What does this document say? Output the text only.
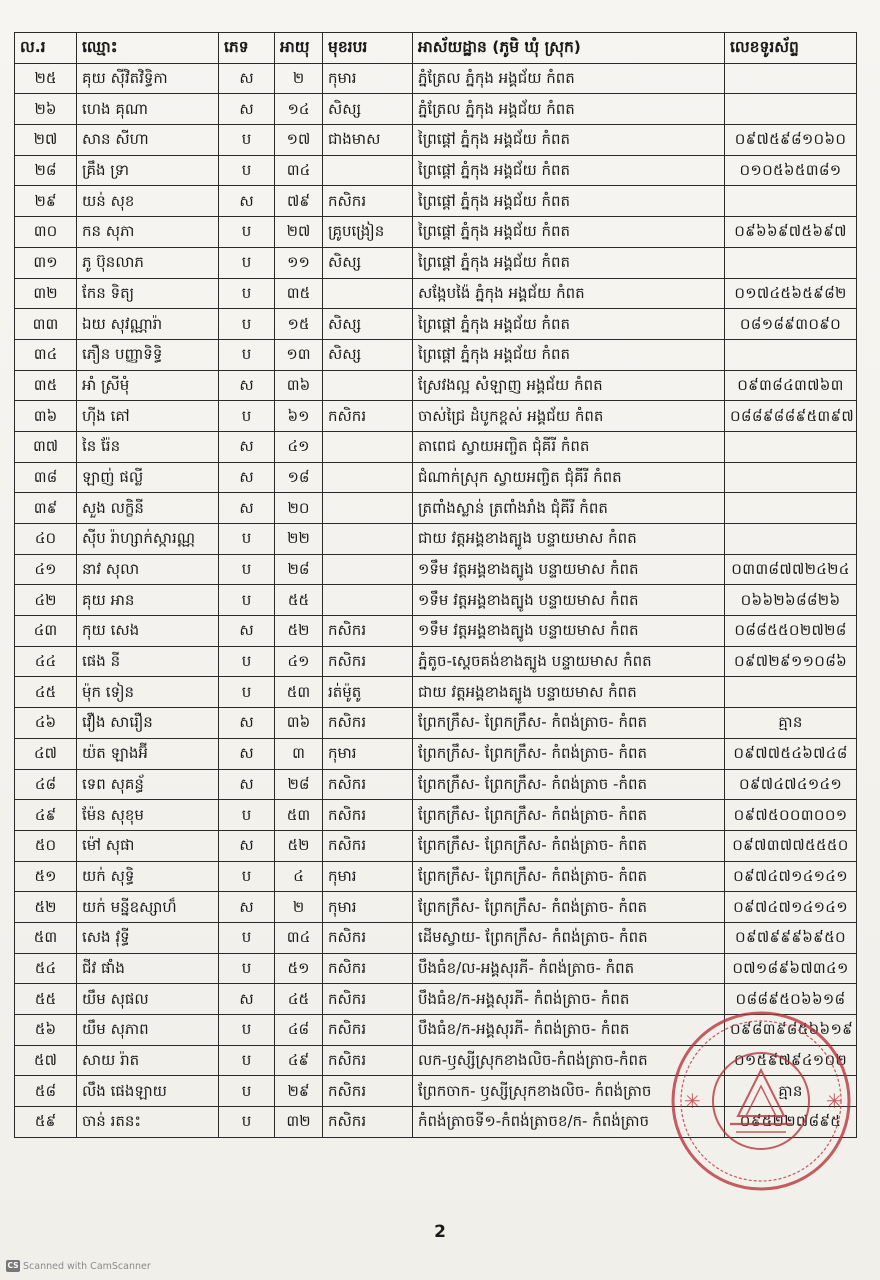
ល.រ	ឈ្មោះ	ភេទ	អាយុ	មុខរបរ	អាស័យដ្ឋាន (ភូមិ ឃុំ ស្រុក)	លេខទូរស័ព្ទ
២៥	គុយ ស៊ីវិតវិទ្ធិកា	ស	២	កុមារ	ភ្នំត្រែល ភ្នំកុង អង្គជ័យ កំពត	
២៦	ហេង គុណា	ស	១៤	សិស្ស	ភ្នំត្រែល ភ្នំកុង អង្គជ័យ កំពត	
២៧	សាន សីហា	ប	១៧	ជាងមាស	ព្រៃផ្តៅ ភ្នំកុង អង្គជ័យ កំពត	០៩៧៥៩៨១០៦០
២៨	គ្រឹង ទ្រា	ប	៣៤		ព្រៃផ្តៅ ភ្នំកុង អង្គជ័យ កំពត	០១០៥៦៥៣៨១
២៩	យន់ សុខ	ស	៧៩	កសិករ	ព្រៃផ្តៅ ភ្នំកុង អង្គជ័យ កំពត	
៣០	កន សុភា	ប	២៧	គ្រូបង្រៀន	ព្រៃផ្តៅ ភ្នំកុង អង្គជ័យ កំពត	០៩៦៦៩៧៥៦៩៧
៣១	ភូ ប៊ុនលាភ	ប	១១	សិស្ស	ព្រៃផ្តៅ ភ្នំកុង អង្គជ័យ កំពត	
៣២	កែន ទិត្យ	ប	៣៥		សង្កែបង៉ៃ ភ្នំកុង អង្គជ័យ កំពត	០១៧៤៥៦៥៩៨២
៣៣	ឯយ សុវណ្ណារ៉ា	ប	១៥	សិស្ស	ព្រៃផ្តៅ ភ្នំកុង អង្គជ័យ កំពត	០៨១៨៩៣០៩០
៣៤	ភឿន បញ្ញាទិទ្ធិ	ប	១៣	សិស្ស	ព្រៃផ្តៅ ភ្នំកុង អង្គជ័យ កំពត	
៣៥	អាំ ស្រីមុំ	ស	៣៦		ស្រែវងល្អ សំឡាញ អង្គជ័យ កំពត	០៩៣៨៤៣៧៦៣
៣៦	ហ៊ីង គៅ	ប	៦១	កសិករ	ចាស់ជ្រៃ ដំបូកខ្ពស់ អង្គជ័យ កំពត	០៨៨៩៨៨៩៥៣៩៧
៣៧	នៃ រ៉ែន	ស	៤១		តាពេជ ស្វាយអញ្ចិត ជុំគីរី កំពត	
៣៨	ឡាញ់ ផល្លី	ស	១៨		ជំណាក់ស្រុក ស្វាយអញ្ចិត ជុំគីរី កំពត	
៣៩	សួង លក្ខិនី	ស	២០		ត្រពាំងស្លាន់ ត្រពាំងរាំង ជុំគីរី កំពត	
៤០	ស៊ីប រ៉ាហ្សាក់ស្ការណ្ណ	ប	២២		ជាយ វត្តអង្គខាងត្បូង បន្ទាយមាស កំពត	
៤១	នាវ សុលា	ប	២៨		១ទឹម វត្តអង្គខាងត្បូង បន្ទាយមាស កំពត	០៣៣៨៧៧២៤២៤
៤២	គុយ អាន	ប	៥៥		១ទឹម វត្តអង្គខាងត្បូង បន្ទាយមាស កំពត	០៦៦២៦៨៨២៦
៤៣	កុយ សេង	ស	៥២	កសិករ	១ទឹម វត្តអង្គខាងត្បូង បន្ទាយមាស កំពត	០៨៨៥៥០២៧២៨
៤៤	ផេង នី	ប	៤១	កសិករ	ភ្នំតូច-ស្តេចគង់ខាងត្បូង បន្ទាយមាស កំពត	០៩៧២៩១១០៨៦
៤៥	ម៉ុក ទៀន	ប	៥៣	រត់ម៉ូតូ	ជាយ វត្តអង្គខាងត្បូង បន្ទាយមាស កំពត	
៤៦	វឿង សារឿន	ស	៣៦	កសិករ	ព្រែកក្រឹស- ព្រែកក្រឹស- កំពង់ត្រាច- កំពត	គ្មាន
៤៧	យ៉ត ឡាងអ៊ី	ស	៣	កុមារ	ព្រែកក្រឹស- ព្រែកក្រឹស- កំពង់ត្រាច- កំពត	០៩៧៧៥៤៦៧៤៨
៤៨	ទេព សុគន្ធ័	ស	២៨	កសិករ	ព្រែកក្រឹស- ព្រែកក្រឹស- កំពង់ត្រាច -កំពត	០៩៧៤៧៤១៤១
៤៩	ម៉ែន សុខុម	ប	៥៣	កសិករ	ព្រែកក្រឹស- ព្រែកក្រឹស- កំពង់ត្រាច- កំពត	០៩៧៥០០៣០០១
៥០	ម៉ៅ សុផា	ស	៥២	កសិករ	ព្រែកក្រឹស- ព្រែកក្រឹស- កំពង់ត្រាច- កំពត	០៩៧៣៧៧៥៥៥០
៥១	យក់ សុទ្ធិ	ប	៤	កុមារ	ព្រែកក្រឹស- ព្រែកក្រឹស- កំពង់ត្រាច- កំពត	០៩៧៤៧១៤១៤១
៥២	យក់ មន្នីឧស្សាហ៏	ស	២	កុមារ	ព្រែកក្រឹស- ព្រែកក្រឹស- កំពង់ត្រាច- កំពត	០៩៧៤៧១៤១៤១
៥៣	សេង វុទ្ធី	ប	៣៤	កសិករ	ដើមស្វាយ- ព្រែកក្រឹស- កំពង់ត្រាច- កំពត	០៩៧៩៩៩៦៩៥០
៥៤	ជីវ ផាំង	ប	៥១	កសិករ	បឹងធំខ/ល-អង្គសុរភី- កំពង់ត្រាច- កំពត	០៧១៨៩៦៧៣៤១
៥៥	យឹម សុផល	ស	៤៥	កសិករ	បឹងធំខ/ក-អង្គសុរភី- កំពង់ត្រាច- កំពត	០៨៨៩៥០៦៦១៨
៥៦	យឹម សុភាព	ប	៤៨	កសិករ	បឹងធំខ/ក-អង្គសុរភី- កំពង់ត្រាច- កំពត	០៩៨៣៩៨៥៦៦១៩
៥៧	សាយ រ៉ាត	ប	៤៩	កសិករ	លក-ឫស្សីស្រុកខាងលិច-កំពង់ត្រាច-កំពត	០១៥៩៧៩៤១០២
៥៨	លឹង ផេងឡាយ	ប	២៩	កសិករ	ព្រែកចាក- ឫស្សីស្រុកខាងលិច- កំពង់ត្រាច	គ្មាន
៥៩	ចាន់ រតនះ	ប	៣២	កសិករ	កំពង់ត្រាចទី១-កំពង់ត្រាចខ/ក- កំពង់ត្រាច	០៩៥២២៧៨៩៥
2
CS Scanned with CamScanner
✳
✳
